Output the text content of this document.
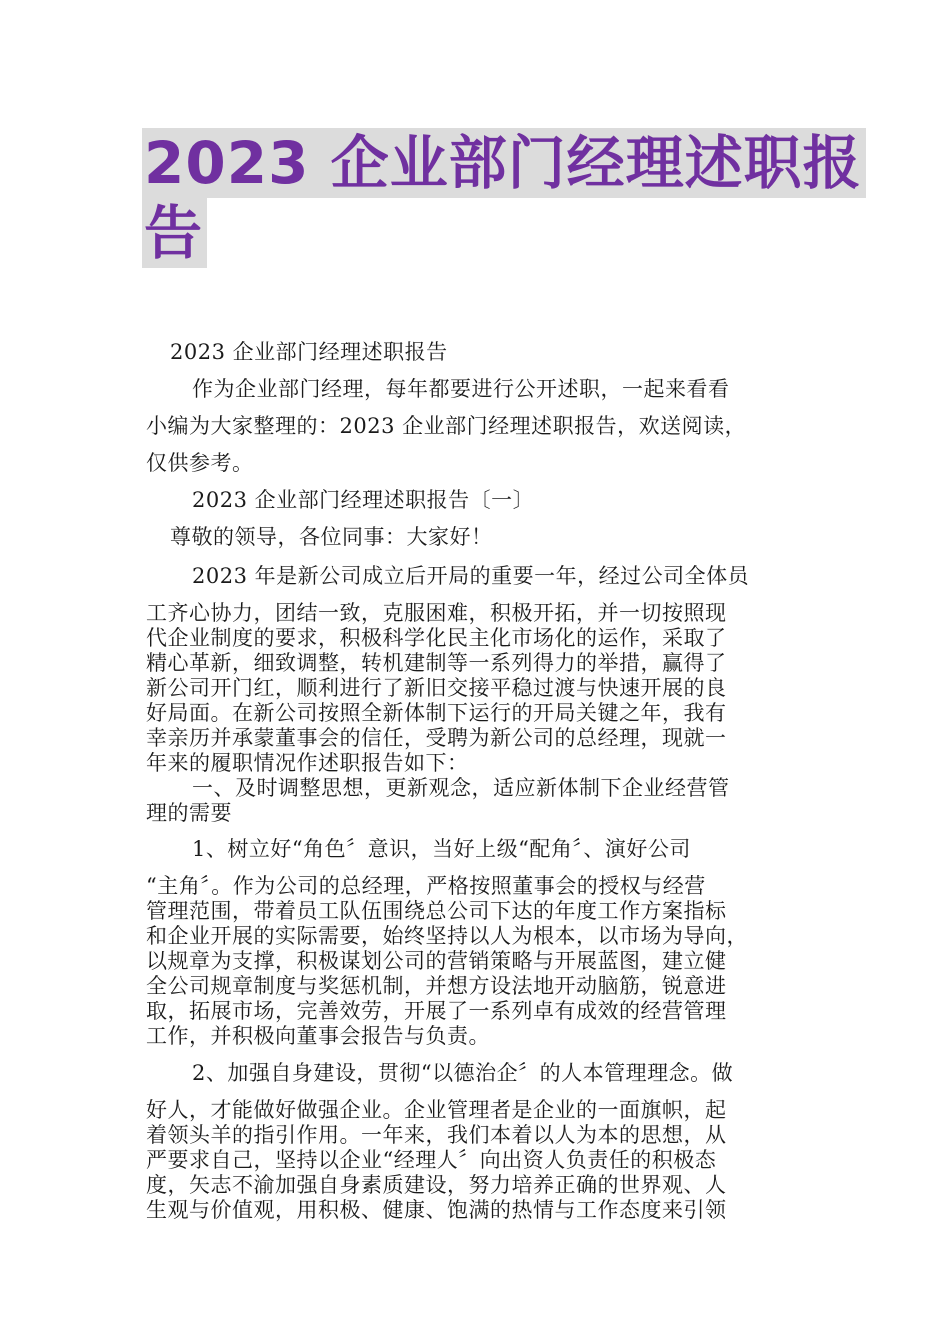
2023 企业部门经理述职报
告

2023 企业部门经理述职报告

作为企业部门经理，每年都要进行公开述职，一起来看看

小编为大家整理的：2023 企业部门经理述职报告，欢送阅读，

仅供参考。

2023 企业部门经理述职报告〔一〕

尊敬的领导，各位同事：大家好！

2023 年是新公司成立后开局的重要一年，经过公司全体员

工齐心协力，团结一致，克服困难，积极开拓，并一切按照现

代企业制度的要求，积极科学化民主化市场化的运作，采取了

精心革新，细致调整，转机建制等一系列得力的举措，赢得了

新公司开门红，顺利进行了新旧交接平稳过渡与快速开展的良

好局面。在新公司按照全新体制下运行的开局关键之年，我有

幸亲历并承蒙董事会的信任，受聘为新公司的总经理，现就一

年来的履职情况作述职报告如下：

一、及时调整思想，更新观念，适应新体制下企业经营管

理的需要

1、树立好“角色〞意识，当好上级“配角〞、演好公司

“主角〞。作为公司的总经理，严格按照董事会的授权与经营

管理范围，带着员工队伍围绕总公司下达的年度工作方案指标

和企业开展的实际需要，始终坚持以人为根本，以市场为导向，

以规章为支撑，积极谋划公司的营销策略与开展蓝图，建立健

全公司规章制度与奖惩机制，并想方设法地开动脑筋，锐意进

取，拓展市场，完善效劳，开展了一系列卓有成效的经营管理

工作，并积极向董事会报告与负责。

2、加强自身建设，贯彻“以德治企〞的人本管理理念。做

好人，才能做好做强企业。企业管理者是企业的一面旗帜，起

着领头羊的指引作用。一年来，我们本着以人为本的思想，从

严要求自己，坚持以企业“经理人〞向出资人负责任的积极态

度，矢志不渝加强自身素质建设，努力培养正确的世界观、人

生观与价值观，用积极、健康、饱满的热情与工作态度来引领
